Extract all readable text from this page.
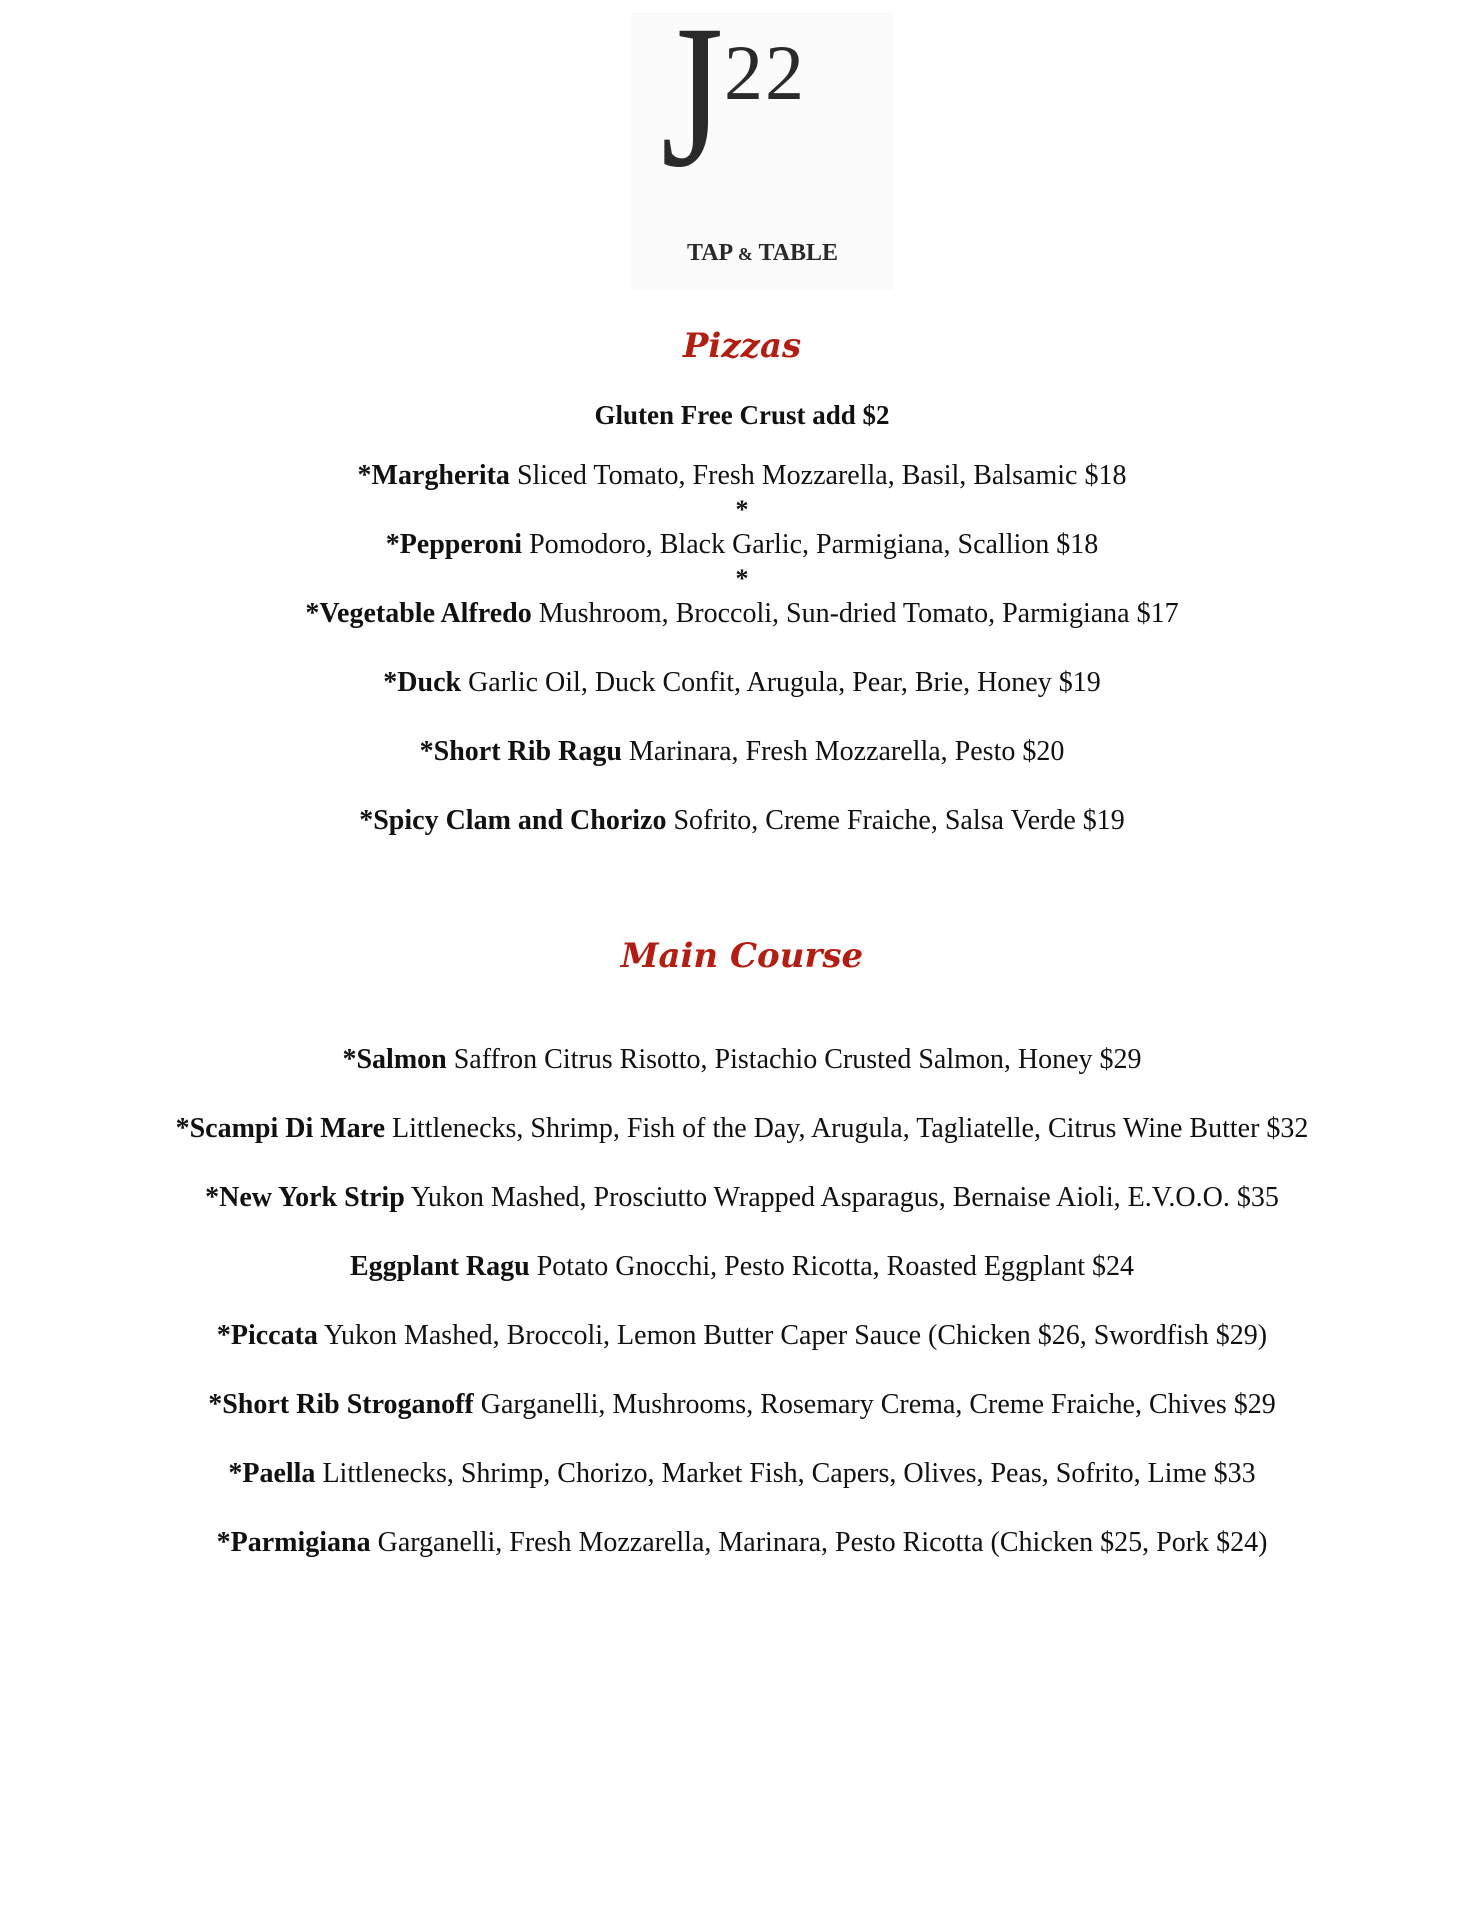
J 22
TAP & TABLE
Pizzas
Gluten Free Crust add $2
*Margherita Sliced Tomato, Fresh Mozzarella, Basil, Balsamic $18
*
*Pepperoni Pomodoro, Black Garlic, Parmigiana, Scallion $18
*
*Vegetable Alfredo Mushroom, Broccoli, Sun-dried Tomato, Parmigiana $17
*Duck Garlic Oil, Duck Confit, Arugula, Pear, Brie, Honey $19
*Short Rib Ragu Marinara, Fresh Mozzarella, Pesto $20
*Spicy Clam and Chorizo Sofrito, Creme Fraiche, Salsa Verde $19
Main Course
*Salmon Saffron Citrus Risotto, Pistachio Crusted Salmon, Honey $29
*Scampi Di Mare Littlenecks, Shrimp, Fish of the Day, Arugula, Tagliatelle, Citrus Wine Butter $32
*New York Strip Yukon Mashed, Prosciutto Wrapped Asparagus, Bernaise Aioli, E.V.O.O. $35
Eggplant Ragu Potato Gnocchi, Pesto Ricotta, Roasted Eggplant $24
*Piccata Yukon Mashed, Broccoli, Lemon Butter Caper Sauce (Chicken $26, Swordfish $29)
*Short Rib Stroganoff Garganelli, Mushrooms, Rosemary Crema, Creme Fraiche, Chives $29
*Paella Littlenecks, Shrimp, Chorizo, Market Fish, Capers, Olives, Peas, Sofrito, Lime $33
*Parmigiana Garganelli, Fresh Mozzarella, Marinara, Pesto Ricotta (Chicken $25, Pork $24)
